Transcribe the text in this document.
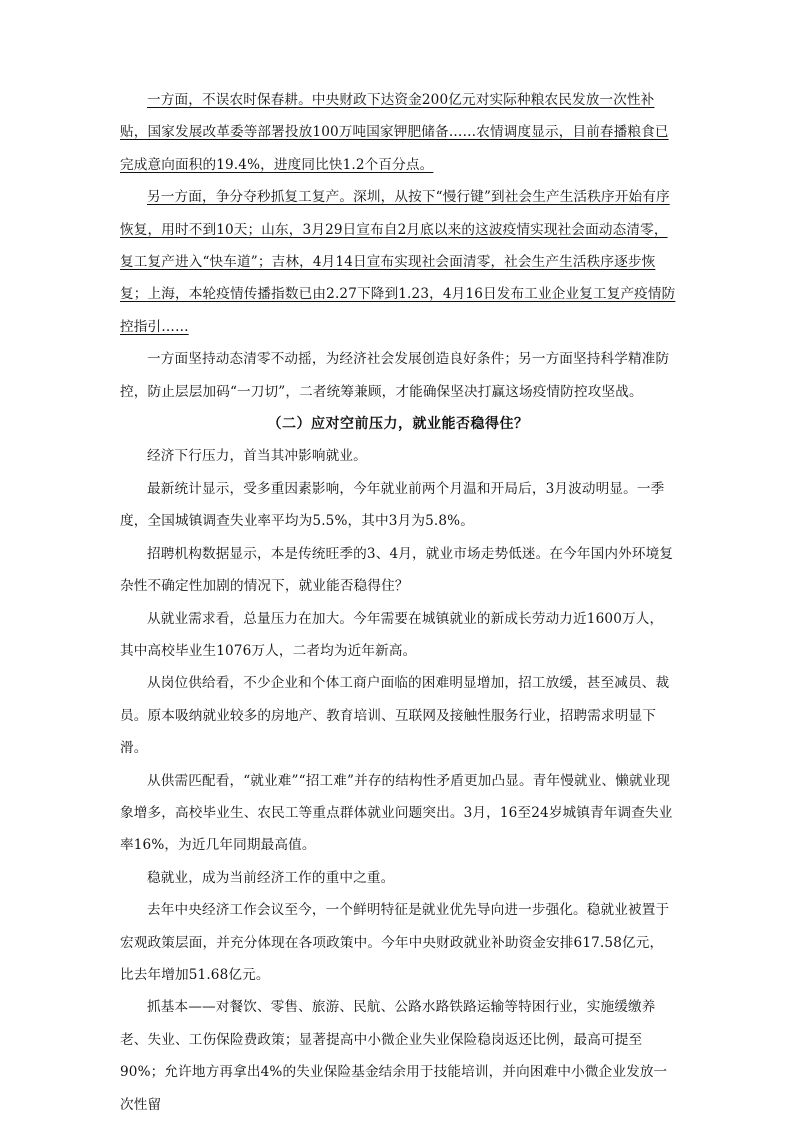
一方面，不误农时保春耕。中央财政下达资金200亿元对实际种粮农民发放一次性补贴，国家发展改革委等部署投放100万吨国家钾肥储备……农情调度显示，目前春播粮食已完成意向面积的19.4%，进度同比快1.2个百分点。

另一方面，争分夺秒抓复工复产。深圳，从按下“慢行键”到社会生产生活秩序开始有序恢复，用时不到10天；山东，3月29日宣布自2月底以来的这波疫情实现社会面动态清零，复工复产进入“快车道”；吉林，4月14日宣布实现社会面清零，社会生产生活秩序逐步恢复；上海，本轮疫情传播指数已由2.27下降到1.23，4月16日发布工业企业复工复产疫情防控指引……

一方面坚持动态清零不动摇，为经济社会发展创造良好条件；另一方面坚持科学精准防控，防止层层加码“一刀切”，二者统筹兼顾，才能确保坚决打赢这场疫情防控攻坚战。

（二）应对空前压力，就业能否稳得住？

经济下行压力，首当其冲影响就业。

最新统计显示，受多重因素影响，今年就业前两个月温和开局后，3月波动明显。一季度，全国城镇调查失业率平均为5.5%，其中3月为5.8%。

招聘机构数据显示，本是传统旺季的3、4月，就业市场走势低迷。在今年国内外环境复杂性不确定性加剧的情况下，就业能否稳得住？

从就业需求看，总量压力在加大。今年需要在城镇就业的新成长劳动力近1600万人，其中高校毕业生1076万人，二者均为近年新高。

从岗位供给看，不少企业和个体工商户面临的困难明显增加，招工放缓，甚至减员、裁员。原本吸纳就业较多的房地产、教育培训、互联网及接触性服务行业，招聘需求明显下滑。

从供需匹配看，“就业难”“招工难”并存的结构性矛盾更加凸显。青年慢就业、懒就业现象增多，高校毕业生、农民工等重点群体就业问题突出。3月，16至24岁城镇青年调查失业率16%，为近几年同期最高值。

稳就业，成为当前经济工作的重中之重。

去年中央经济工作会议至今，一个鲜明特征是就业优先导向进一步强化。稳就业被置于宏观政策层面，并充分体现在各项政策中。今年中央财政就业补助资金安排617.58亿元，比去年增加51.68亿元。

抓基本——对餐饮、零售、旅游、民航、公路水路铁路运输等特困行业，实施缓缴养老、失业、工伤保险费政策；显著提高中小微企业失业保险稳岗返还比例，最高可提至90%；允许地方再拿出4%的失业保险基金结余用于技能培训，并向困难中小微企业发放一次性留
